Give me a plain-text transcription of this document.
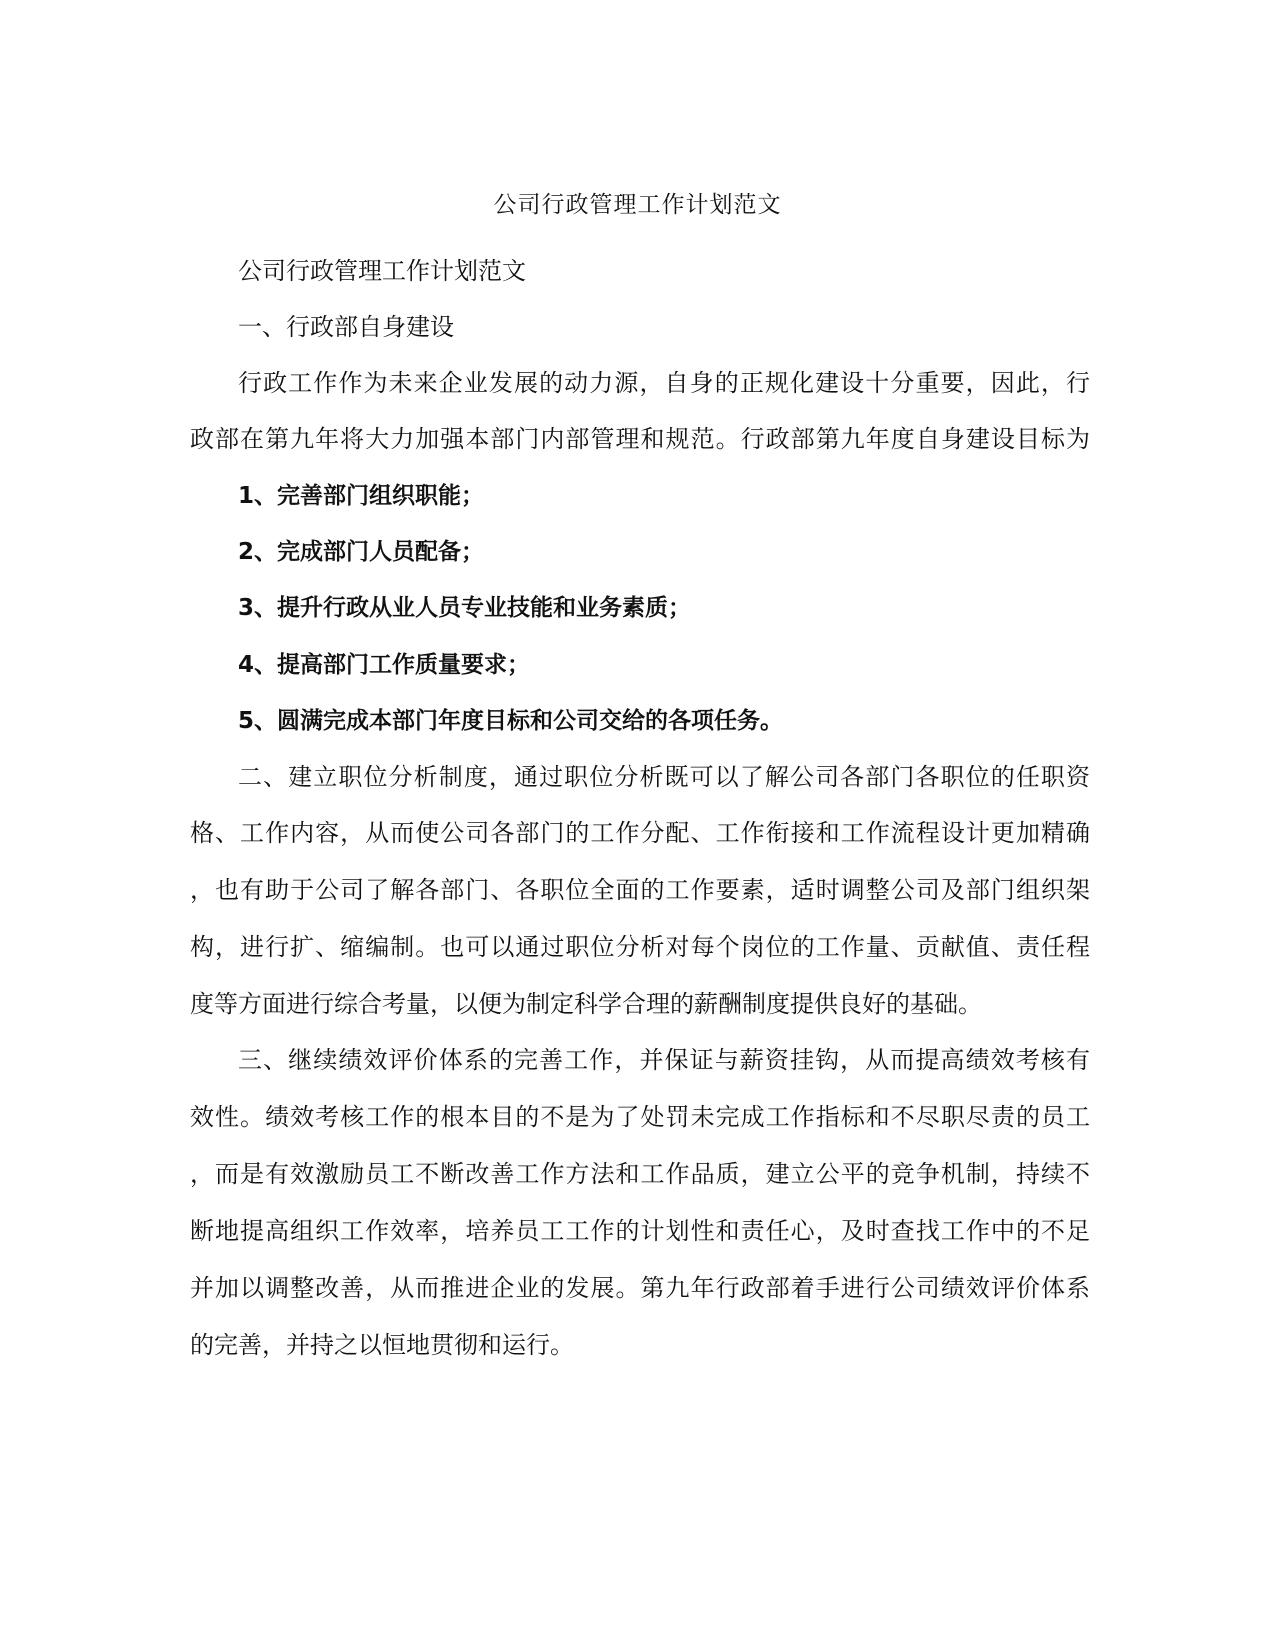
公司行政管理工作计划范文

公司行政管理工作计划范文

一、行政部自身建设

行政工作作为未来企业发展的动力源，自身的正规化建设十分重要，因此，行
政部在第九年将大力加强本部门内部管理和规范。行政部第九年度自身建设目标为

1、完善部门组织职能；

2、完成部门人员配备；

3、提升行政从业人员专业技能和业务素质；

4、提高部门工作质量要求；

5、圆满完成本部门年度目标和公司交给的各项任务。

二、建立职位分析制度，通过职位分析既可以了解公司各部门各职位的任职资
格、工作内容，从而使公司各部门的工作分配、工作衔接和工作流程设计更加精确
，也有助于公司了解各部门、各职位全面的工作要素，适时调整公司及部门组织架
构，进行扩、缩编制。也可以通过职位分析对每个岗位的工作量、贡献值、责任程
度等方面进行综合考量，以便为制定科学合理的薪酬制度提供良好的基础。

三、继续绩效评价体系的完善工作，并保证与薪资挂钩，从而提高绩效考核有
效性。绩效考核工作的根本目的不是为了处罚未完成工作指标和不尽职尽责的员工
，而是有效激励员工不断改善工作方法和工作品质，建立公平的竞争机制，持续不
断地提高组织工作效率，培养员工工作的计划性和责任心，及时查找工作中的不足
并加以调整改善，从而推进企业的发展。第九年行政部着手进行公司绩效评价体系
的完善，并持之以恒地贯彻和运行。
